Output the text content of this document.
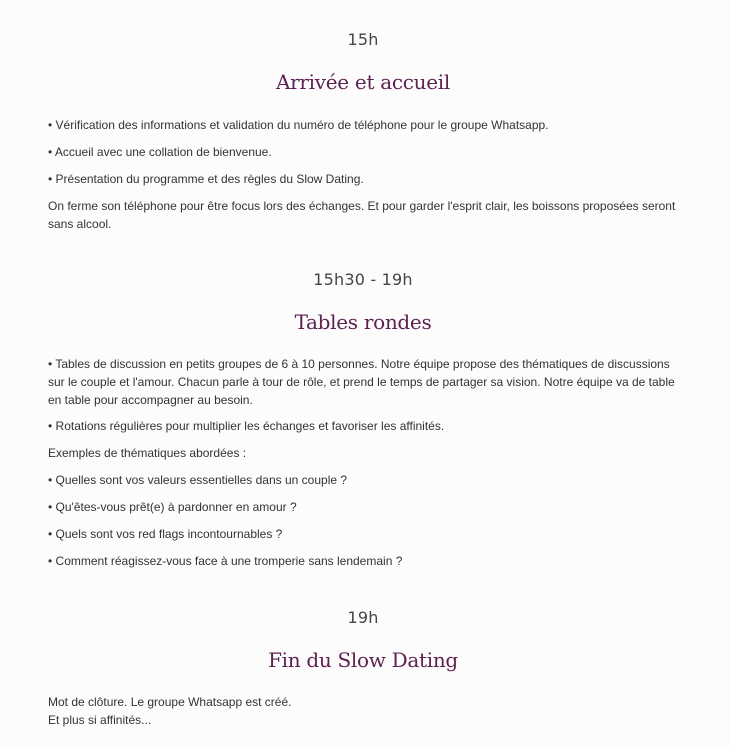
15h
Arrivée et accueil
• Vérification des informations et validation du numéro de téléphone pour le groupe Whatsapp.
• Accueil avec une collation de bienvenue.
• Présentation du programme et des règles du Slow Dating.
On ferme son téléphone pour être focus lors des échanges. Et pour garder l'esprit clair, les boissons proposées seront sans alcool.
15h30 - 19h
Tables rondes
• Tables de discussion en petits groupes de 6 à 10 personnes. Notre équipe propose des thématiques de discussions sur le couple et l'amour. Chacun parle à tour de rôle, et prend le temps de partager sa vision. Notre équipe va de table en table pour accompagner au besoin.
• Rotations régulières pour multiplier les échanges et favoriser les affinités.
Exemples de thématiques abordées :
• Quelles sont vos valeurs essentielles dans un couple ?
• Qu'êtes-vous prêt(e) à pardonner en amour ?
• Quels sont vos red flags incontournables ?
• Comment réagissez-vous face à une tromperie sans lendemain ?
19h
Fin du Slow Dating
Mot de clôture. Le groupe Whatsapp est créé.
Et plus si affinités...
